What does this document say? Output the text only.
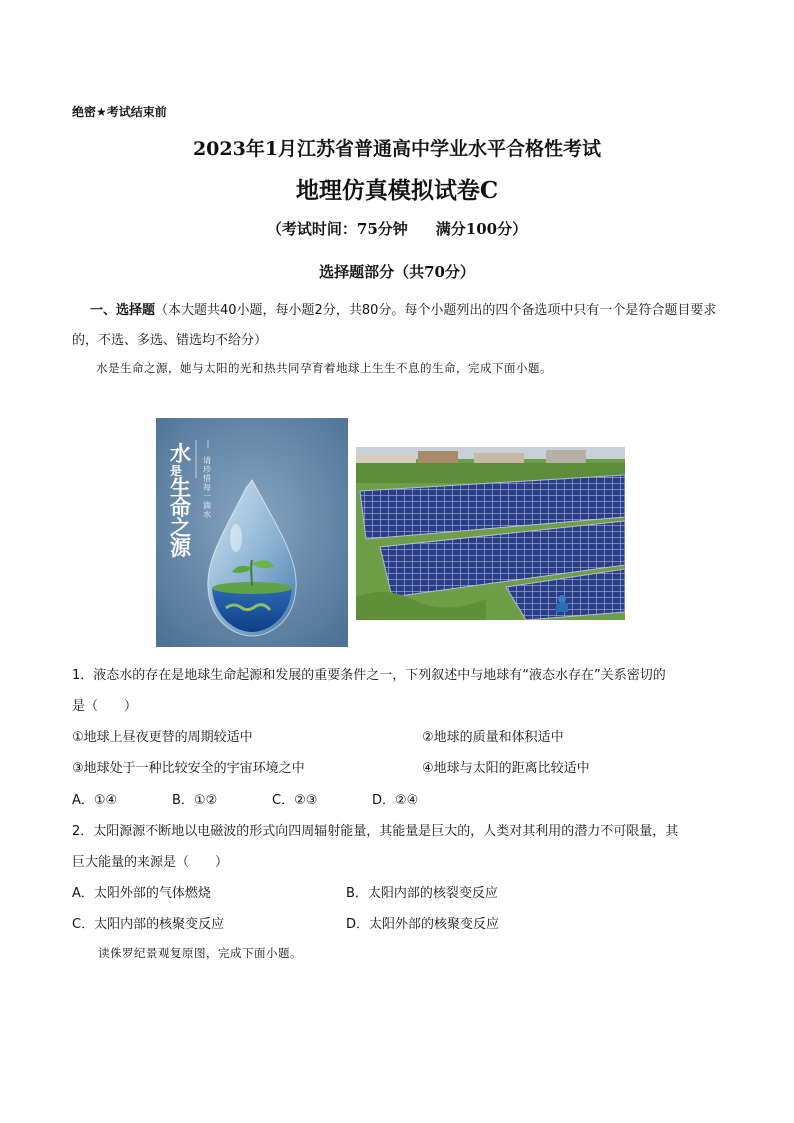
绝密★考试结束前
2023年1月江苏省普通高中学业水平合格性考试
地理仿真模拟试卷C
（考试时间：75分钟 满分100分）
选择题部分（共70分）
一、选择题（本大题共40小题，每小题2分，共80分。每个小题列出的四个备选项中只有一个是符合题目要求的，不选、多选、错选均不给分）
水是生命之源，她与太阳的光和热共同孕育着地球上生生不息的生命，完成下面小题。
水
是
生
命
之
源
请珍惜每一滴水
1．液态水的存在是地球生命起源和发展的重要条件之一，下列叙述中与地球有“液态水存在”关系密切的
是（　　）
①地球上昼夜更替的周期较适中	②地球的质量和体积适中
③地球处于一种比较安全的宇宙环境之中	④地球与太阳的距离比较适中
A．①④	B．①②	C．②③	D．②④
2．太阳源源不断地以电磁波的形式向四周辐射能量，其能量是巨大的，人类对其利用的潜力不可限量，其
巨大能量的来源是（　　）
A．太阳外部的气体燃烧	B．太阳内部的核裂变反应
C．太阳内部的核聚变反应	D．太阳外部的核聚变反应
读侏罗纪景观复原图，完成下面小题。
